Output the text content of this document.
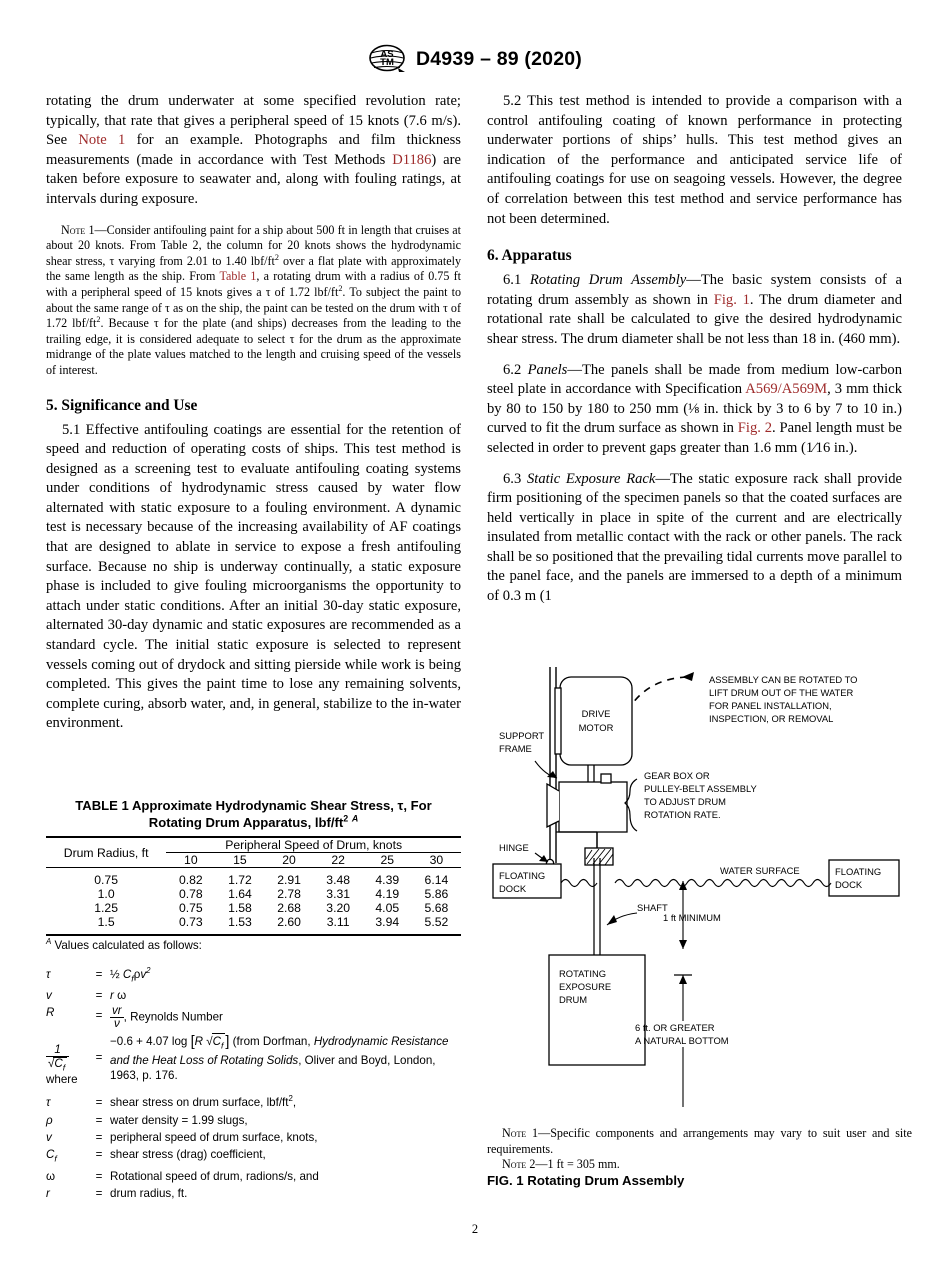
AS
TM D4939 – 89 (2020)

rotating the drum underwater at some specified revolution rate; typically, that rate that gives a peripheral speed of 15 knots (7.6 m/s). See Note 1 for an example. Photographs and film thickness measurements (made in accordance with Test Methods D1186) are taken before exposure to seawater and, along with fouling ratings, at intervals during exposure.

Note 1—Consider antifouling paint for a ship about 500 ft in length that cruises at about 20 knots. From Table 2, the column for 20 knots shows the hydrodynamic shear stress, τ varying from 2.01 to 1.40 lbf/$ft^2$ over a flat plate with approximately the same length as the ship. From Table 1, a rotating drum with a radius of 0.75 ft with a peripheral speed of 15 knots gives a τ of 1.72 lbf/$ft^2$. To subject the paint to about the same range of τ as on the ship, the paint can be tested on the drum with τ of 1.72 lbf/$ft^2$. Because τ for the plate (and ships) decreases from the leading to the trailing edge, it is considered adequate to select τ for the drum as the approximate midrange of the plate values matched to the length and cruising speed of the vessels of interest.

5. Significance and Use

5.1 Effective antifouling coatings are essential for the retention of speed and reduction of operating costs of ships. This test method is designed as a screening test to evaluate antifouling coating systems under conditions of hydrodynamic stress caused by water flow alternated with static exposure to a fouling environment. A dynamic test is necessary because of the increasing availability of AF coatings that are designed to ablate in service to expose a fresh antifouling surface. Because no ship is underway continually, a static exposure phase is included to give fouling microorganisms the opportunity to attach under static conditions. After an initial 30-day static exposure, alternated 30-day dynamic and static exposures are recommended as a standard cycle. The initial static exposure is selected to represent vessels coming out of drydock and sitting pierside while work is being completed. This gives the paint time to lose any remaining solvents, complete curing, absorb water, and, in general, stabilize to the in-water environment.

5.2 This test method is intended to provide a comparison with a control antifouling coating of known performance in protecting underwater portions of ships’ hulls. This test method gives an indication of the performance and anticipated service life of antifouling coatings for use on seagoing vessels. However, the degree of correlation between this test method and service performance has not been determined.

6. Apparatus

6.1 Rotating Drum Assembly—The basic system consists of a rotating drum assembly as shown in Fig. 1. The drum diameter and rotational rate shall be calculated to give the desired hydrodynamic shear stress. The drum diameter shall be not less than 18 in. (460 mm).

6.2 Panels—The panels shall be made from medium low-carbon steel plate in accordance with Specification A569/A569M, 3 mm thick by 80 to 150 by 180 to 250 mm (⅛ in. thick by 3 to 6 by 7 to 10 in.) curved to fit the drum surface as shown in Fig. 2. Panel length must be selected in order to prevent gaps greater than 1.6 mm (1⁄16 in.).

6.3 Static Exposure Rack—The static exposure rack shall provide firm positioning of the specimen panels so that the coated surfaces are held vertically in place in spite of the current and are electrically insulated from metallic contact with the rack or other panels. The rack shall be so positioned that the prevailing tidal currents move parallel to the panel face, and the panels are immersed to a depth of a minimum of 0.3 m (1

TABLE 1 Approximate Hydrodynamic Shear Stress, τ, For
Rotating Drum Apparatus, lbf/$ft^2$ $^A$
Drum Radius, ft	Peripheral Speed of Drum, knots					
	10	15	20	22	25	30
0.75	0.82	1.72	2.91	3.48	4.39	6.14
1.0	0.78	1.64	2.78	3.31	4.19	5.86
1.25	0.75	1.58	2.68	3.20	4.05	5.68
1.5	0.73	1.53	2.60	3.11	3.94	5.52

$^A$ Values calculated as follows:
τ	=	½ $C_f\rho v^2$
v	=	r ω
R	=	$\frac{vr}{\nu}$ , Reynolds Number

$\frac{1}{√C_f}$	=	−0.6 + 4.07 log [R $√C_f$ ] (from Dorfman, Hydrodynamic Resistance and the Heat Loss of Rotating Solids, Oliver and Boyd, London, 1963, p. 176.
where
τ	=	shear stress on drum surface, lbf/$ft^2$,
ρ	=	water density = 1.99 slugs,
v	=	peripheral speed of drum surface, knots,
$C_f$	=	shear stress (drag) coefficient,
ω	=	Rotational speed of drum, radions/s, and
r	=	drum radius, ft.
SUPPORT
FRAME
DRIVE
MOTOR
GEAR BOX OR
PULLEY-BELT ASSEMBLY
TO ADJUST DRUM
ROTATION RATE.
ASSEMBLY CAN BE ROTATED TO
LIFT DRUM OUT OF THE WATER
FOR PANEL INSTALLATION,
INSPECTION, OR REMOVAL
HINGE
FLOATING
DOCK
FLOATING
DOCK
WATER SURFACE
SHAFT
1 ft MINIMUM
ROTATING
EXPOSURE
DRUM
6 ft. OR GREATER
A NATURAL BOTTOM

Note 1—Specific components and arrangements may vary to suit user and site requirements.

Note 2—1 ft = 305 mm.

FIG. 1 Rotating Drum Assembly

2
